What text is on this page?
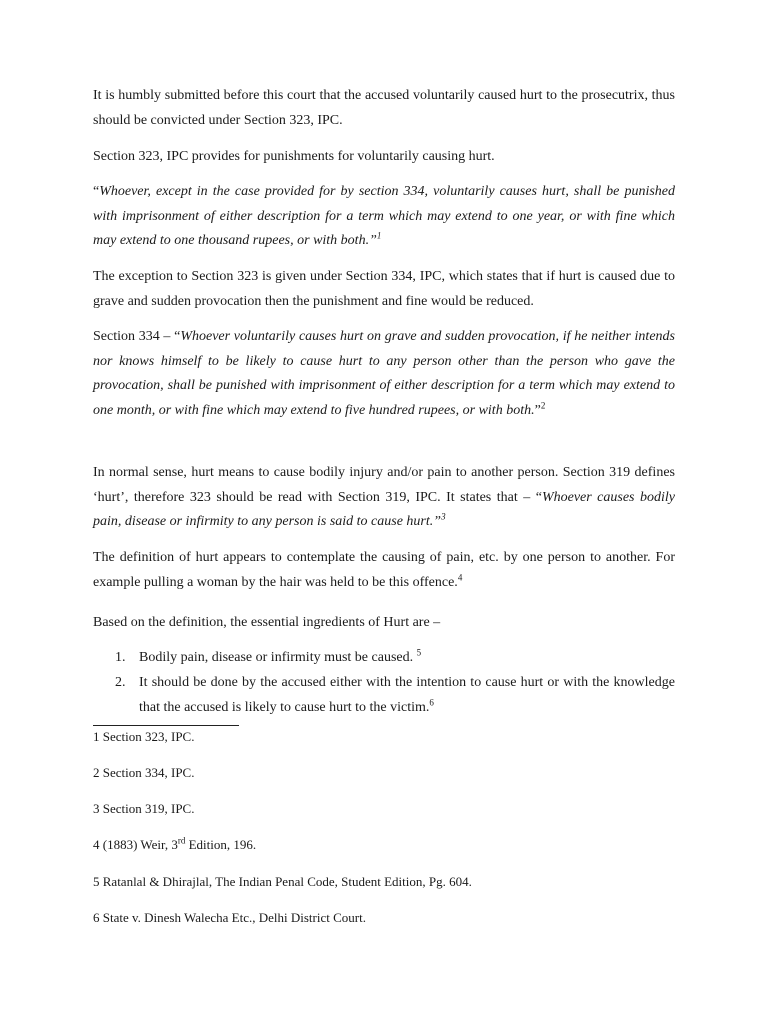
It is humbly submitted before this court that the accused voluntarily caused hurt to the prosecutrix, thus should be convicted under Section 323, IPC.

Section 323, IPC provides for punishments for voluntarily causing hurt.

“Whoever, except in the case provided for by section 334, voluntarily causes hurt, shall be punished with imprisonment of either description for a term which may extend to one year, or with fine which may extend to one thousand rupees, or with both.”$^1$

The exception to Section 323 is given under Section 334, IPC, which states that if hurt is caused due to grave and sudden provocation then the punishment and fine would be reduced.

Section 334 – “Whoever voluntarily causes hurt on grave and sudden provocation, if he neither intends nor knows himself to be likely to cause hurt to any person other than the person who gave the provocation, shall be punished with imprisonment of either description for a term which may extend to one month, or with fine which may extend to five hundred rupees, or with both.”$^2$

In normal sense, hurt means to cause bodily injury and/or pain to another person. Section 319 defines ‘hurt’, therefore 323 should be read with Section 319, IPC. It states that – “Whoever causes bodily pain, disease or infirmity to any person is said to cause hurt.”$^3$

The definition of hurt appears to contemplate the causing of pain, etc. by one person to another. For example pulling a woman by the hair was held to be this offence.$^4$

Based on the definition, the essential ingredients of Hurt are –

1. Bodily pain, disease or infirmity must be caused. $^5$
2. It should be done by the accused either with the intention to cause hurt or with the knowledge that the accused is likely to cause hurt to the victim.$^6$

1 Section 323, IPC.

2 Section 334, IPC.

3 Section 319, IPC.

4 (1883) Weir, 3rd Edition, 196.

5 Ratanlal & Dhirajlal, The Indian Penal Code, Student Edition, Pg. 604.

6 State v. Dinesh Walecha Etc., Delhi District Court.
